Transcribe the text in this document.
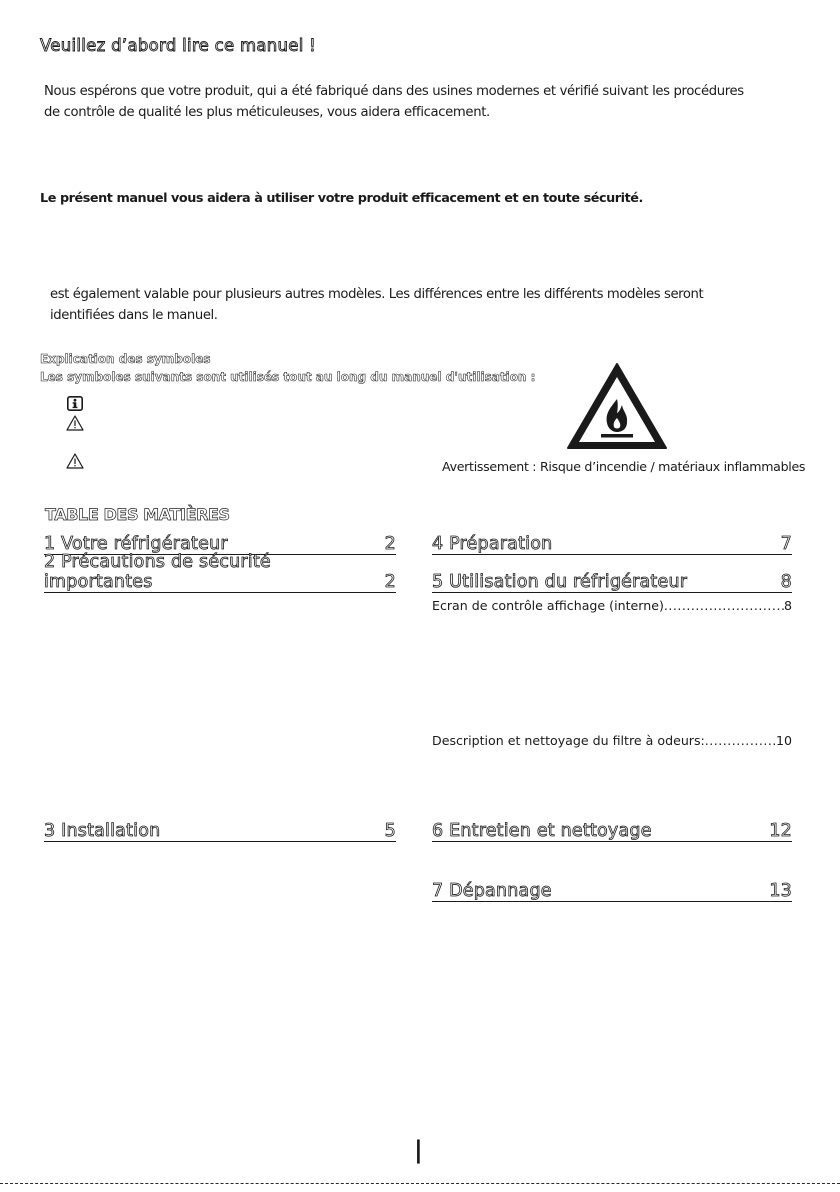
Veuillez d’abord lire ce manuel !
Nous espérons que votre produit, qui a été fabriqué dans des usines modernes et vérifié suivant les procédures
de contrôle de qualité les plus méticuleuses, vous aidera efficacement.
Le présent manuel vous aidera à utiliser votre produit efficacement et en toute sécurité.
est également valable pour plusieurs autres modèles. Les différences entre les différents modèles seront
identifiées dans le manuel.
Explication des symboles
Les symboles suivants sont utilisés tout au long du manuel d'utilisation :
Avertissement : Risque d’incendie / matériaux inflammables
TABLE DES MATIÈRES
1 Votre réfrigérateur	2
2 Précautions de sécurité importantes	2
3 Installation	5
4 Préparation	7
5 Utilisation du réfrigérateur	8
Ecran de contrôle affichage (interne) .....	8
Description et nettoyage du filtre à odeurs: .....	10
6 Entretien et nettoyage	12
7 Dépannage	13
|
